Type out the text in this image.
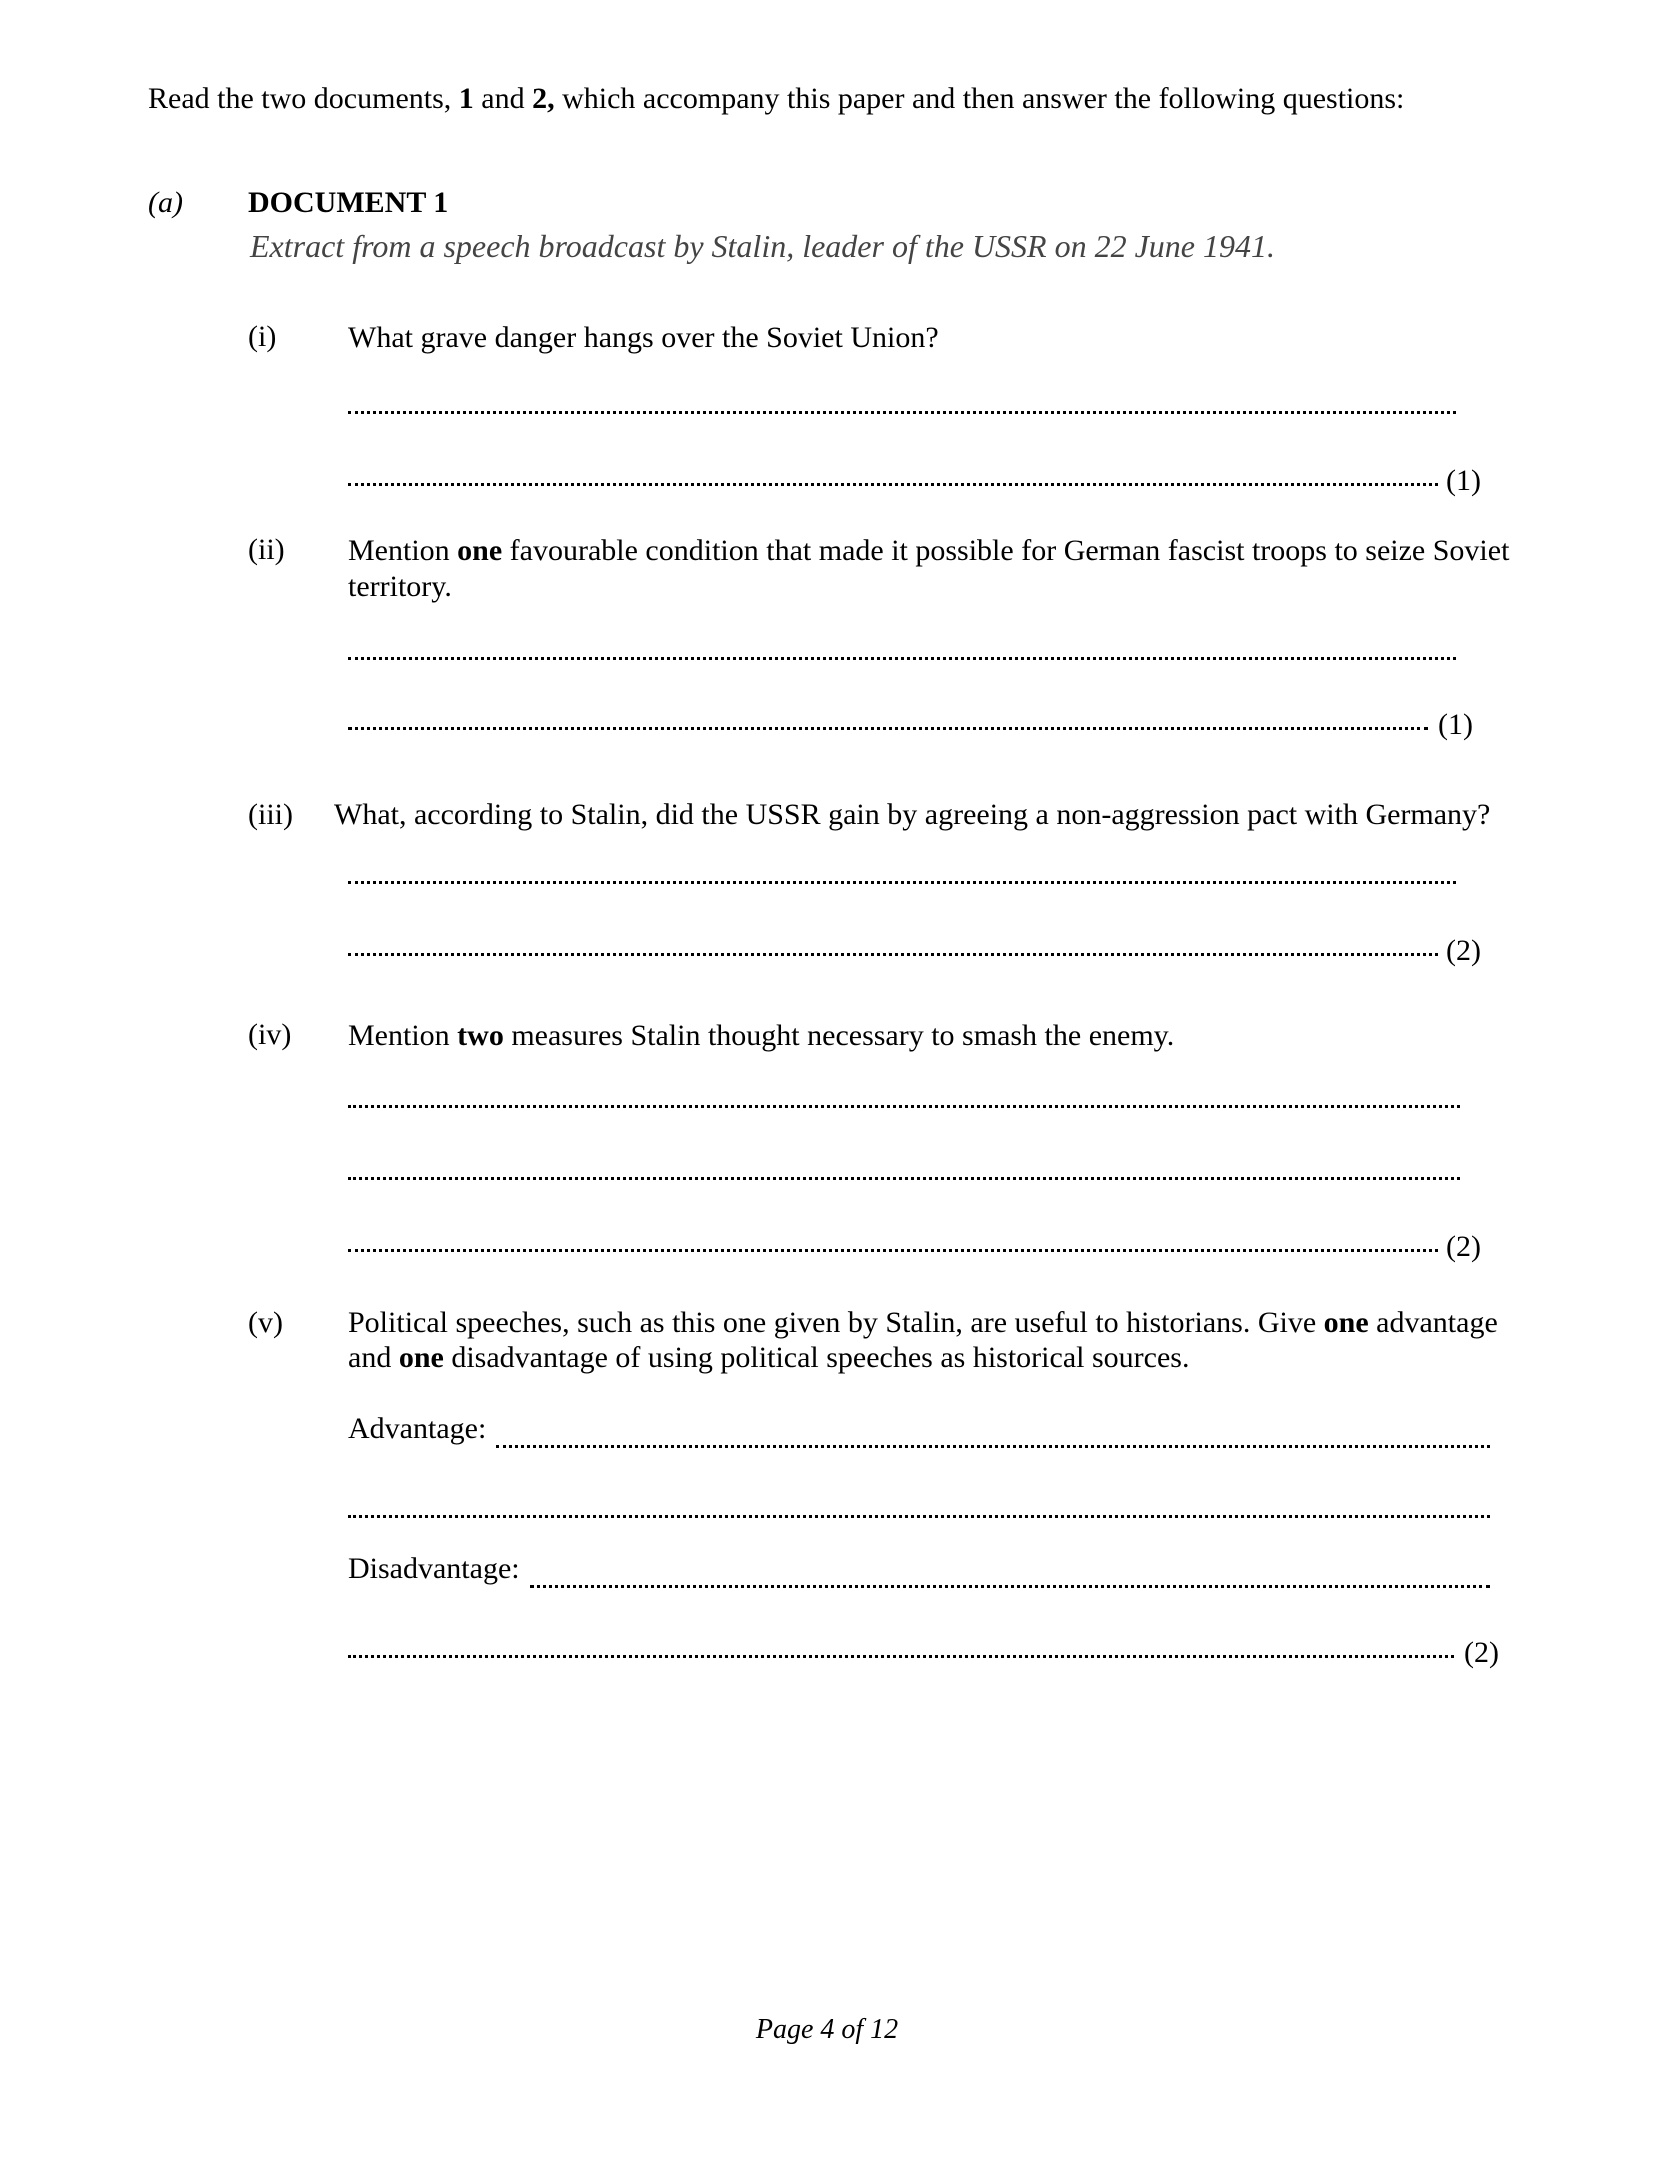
Read the two documents, 1 and 2, which accompany this paper and then answer the following questions:
(a) DOCUMENT 1
Extract from a speech broadcast by Stalin, leader of the USSR on 22 June 1941.
(i) What grave danger hangs over the Soviet Union?
(1)
(ii) Mention one favourable condition that made it possible for German fascist troops to seize Soviet territory.
(1)
(iii) What, according to Stalin, did the USSR gain by agreeing a non-aggression pact with Germany?
(2)
(iv) Mention two measures Stalin thought necessary to smash the enemy.
(2)
(v) Political speeches, such as this one given by Stalin, are useful to historians. Give one advantage
and one disadvantage of using political speeches as historical sources.
Advantage:
Disadvantage:
(2)
Page 4 of 12
